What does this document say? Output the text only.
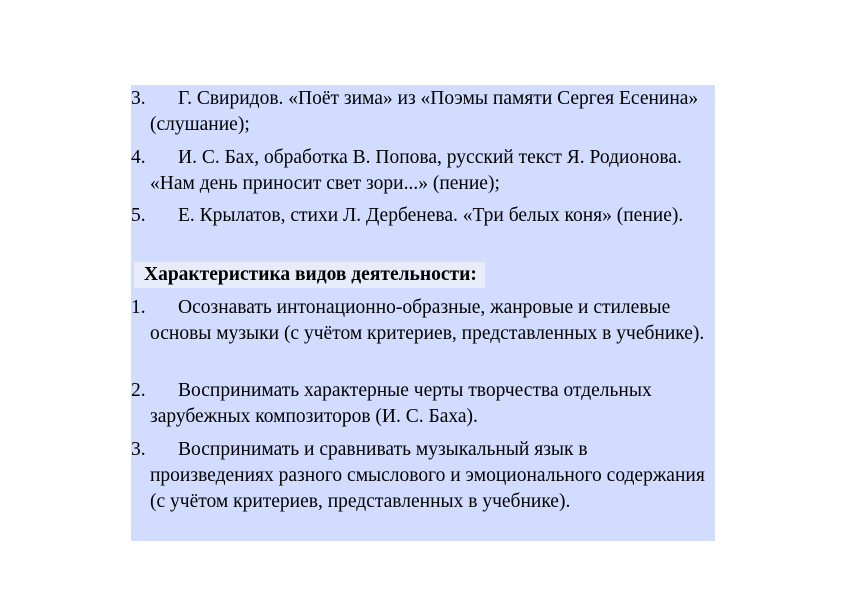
3.	Г. Свиридов. «Поёт зима» из «Поэмы памяти Сергея Есенина» (слушание);
4.	И. С. Бах, обработка В. Попова, русский текст Я. Родионова. «Нам день приносит свет зори...» (пение);
5.	Е. Крылатов, стихи Л. Дербенева. «Три белых коня» (пение).
Характеристика видов деятельности:
1.	Осознавать интонационно-образные, жанровые и стилевые основы музыки (с учётом критериев, представленных в учебнике).
2.	Воспринимать характерные черты творчества отдельных зарубежных композиторов (И. С. Баха).
3.	Воспринимать и сравнивать музыкальный язык в произведениях разного смыслового и эмоционального содержания (с учётом критериев, представленных в учебнике).
